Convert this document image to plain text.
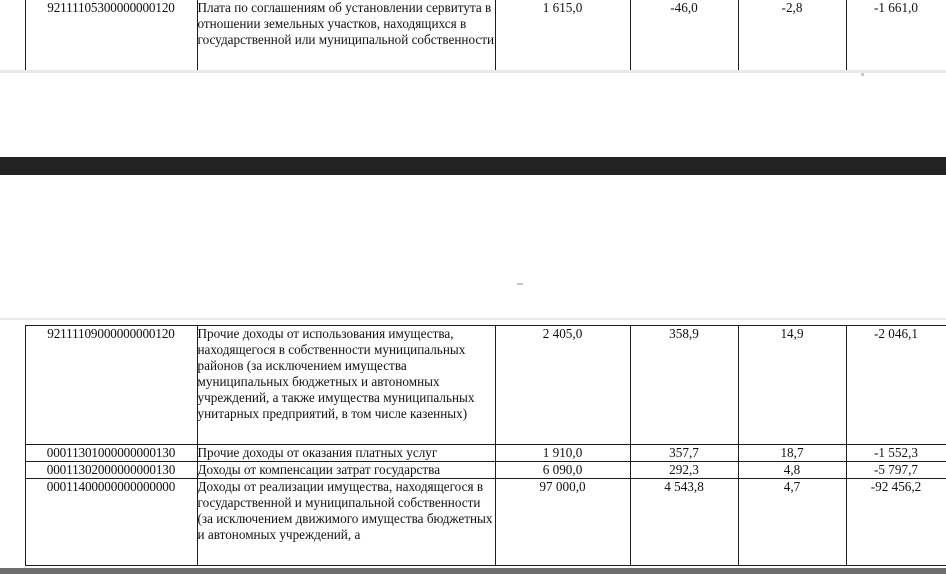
	92111105300000000120	Плата по соглашениям об установлении сервитута в отношении земельных участков, находящихся в государственной или муниципальной собственности	1 615,0	-46,0	-2,8	-1 661,0
	92111109000000000120	Прочие доходы от использования имущества, находящегося в собственности муниципальных районов (за исключением имущества муниципальных бюджетных и автономных учреждений, а также имущества муниципальных унитарных предприятий, в том числе казенных)	2 405,0	358,9	14,9	-2 046,1
	00011301000000000130	Прочие доходы от оказания платных услуг	1 910,0	357,7	18,7	-1 552,3
	00011302000000000130	Доходы от компенсации затрат государства	6 090,0	292,3	4,8	-5 797,7
	00011400000000000000	Доходы от реализации имущества, находящегося в государственной и муниципальной собственности (за исключением движимого имущества бюджетных и автономных учреждений, а	97 000,0	4 543,8	4,7	-92 456,2
